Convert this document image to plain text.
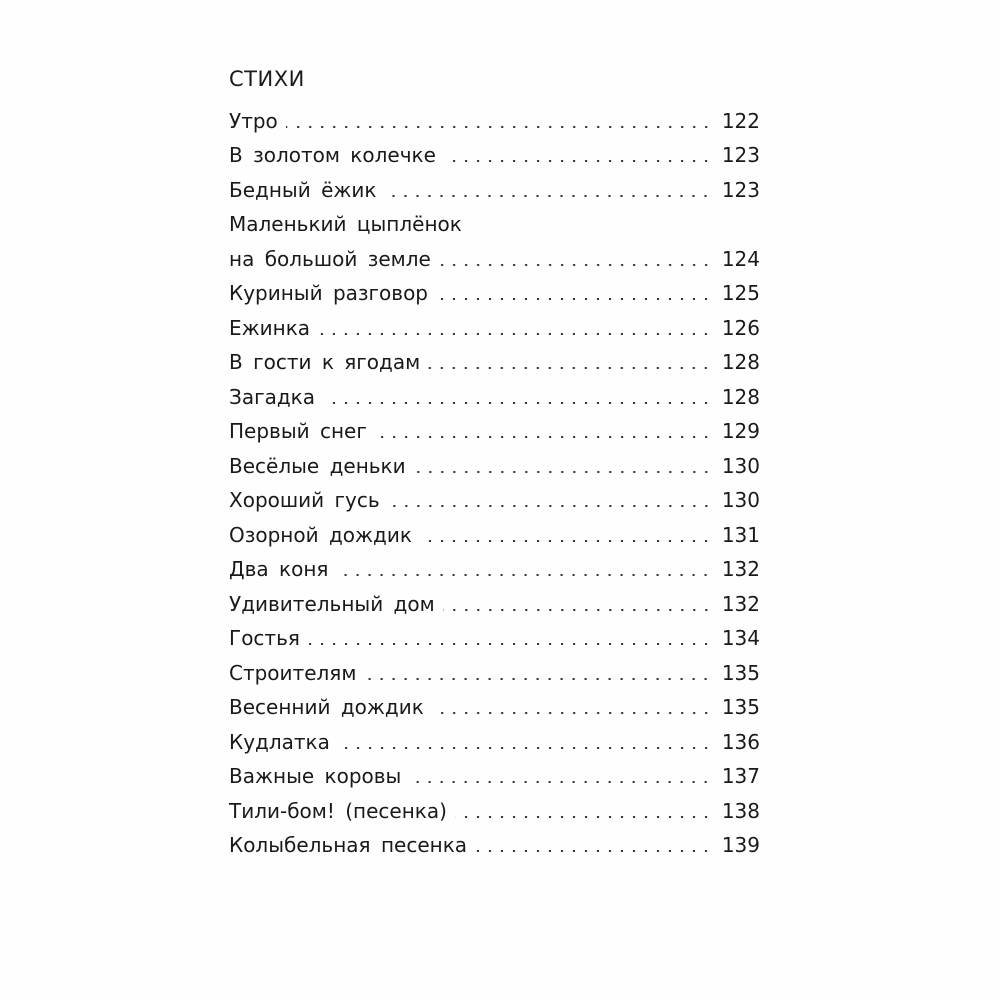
СТИХИ
Утро	122
В золотом колечке	123
Бедный ёжик	123
Маленький цыплёнок
на большой земле	124
Куриный разговор	125
Ежинка	126
В гости к ягодам	128
Загадка	128
Первый снег	129
Весёлые деньки	130
Хороший гусь	130
Озорной дождик	131
Два коня	132
Удивительный дом	132
Гостья	134
Строителям	135
Весенний дождик	135
Кудлатка	136
Важные коровы	137
Тили-бом! (песенка)	138
Колыбельная песенка	139
